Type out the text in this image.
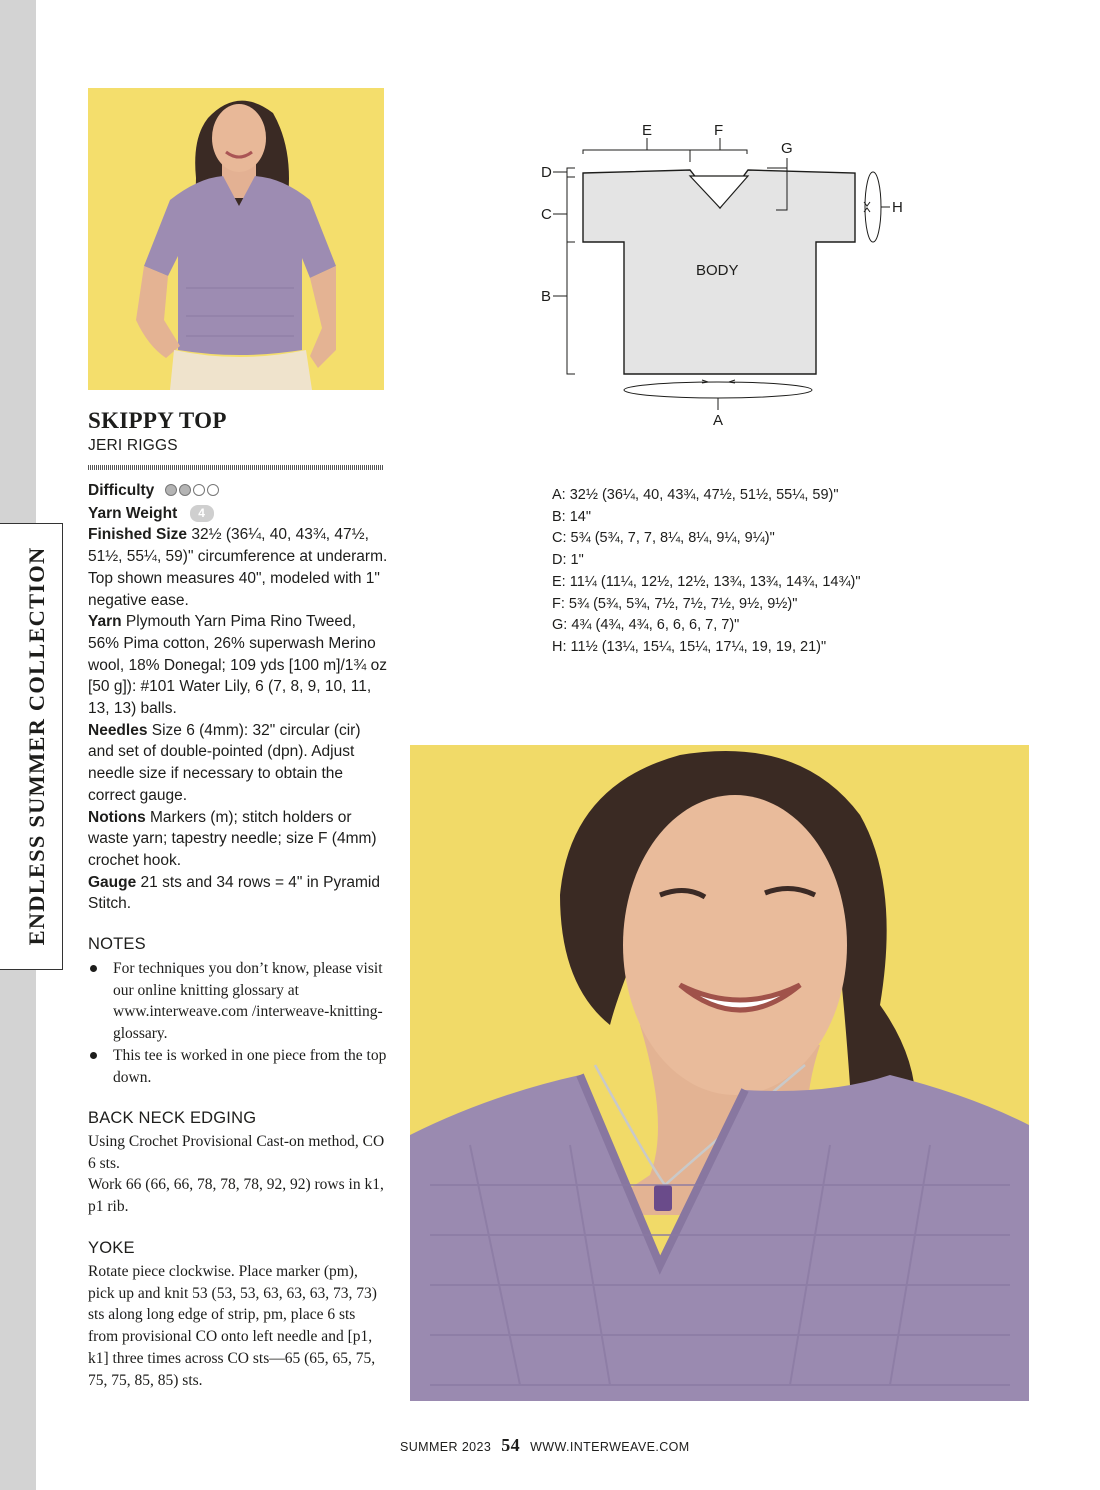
ENDLESS SUMMER COLLECTION
SKIPPY TOP
JERI RIGGS

Difficulty

Yarn Weight 4

Finished Size 32½ (36¼, 40, 43¾, 47½, 51½, 55¼, 59)" circumference at underarm. Top shown measures 40", modeled with 1" negative ease.

Yarn Plymouth Yarn Pima Rino Tweed, 56% Pima cotton, 26% superwash Merino wool, 18% Donegal; 109 yds [100 m]/1¾ oz [50 g]): #101 Water Lily, 6 (7, 8, 9, 10, 11, 13, 13) balls.

Needles Size 6 (4mm): 32" circular (cir) and set of double-pointed (dpn). Adjust needle size if necessary to obtain the correct gauge.

Notions Markers (m); stitch holders or waste yarn; tapestry needle; size F (4mm) crochet hook.

Gauge 21 sts and 34 rows = 4" in Pyramid Stitch.

NOTES
For techniques you don’t know, please visit our online knitting glossary at www.interweave.com /interweave-knitting-glossary.
This tee is worked in one piece from the top down.
BACK NECK EDGING

Using Crochet Provisional Cast-on method, CO 6 sts.

Work 66 (66, 66, 78, 78, 78, 92, 92) rows in k1, p1 rib.

YOKE

Rotate piece clockwise. Place marker (pm), pick up and knit 53 (53, 53, 63, 63, 63, 73, 73) sts along long edge of strip, pm, place 6 sts from provisional CO onto left needle and [p1, k1] three times across CO sts—65 (65, 65, 75, 75, 75, 85, 85) sts.

BODY
E	F
G
D
C
B
H
A
A: 32½ (36¼, 40, 43¾, 47½, 51½, 55¼, 59)"
B: 14"
C: 5¾ (5¾, 7, 7, 8¼, 8¼, 9¼, 9¼)"
D: 1"
E: 11¼ (11¼, 12½, 12½, 13¾, 13¾, 14¾, 14¾)"
F: 5¾ (5¾, 5¾, 7½, 7½, 7½, 9½, 9½)"
G: 4¾ (4¾, 4¾, 6, 6, 6, 7, 7)"
H: 11½ (13¼, 15¼, 15¼, 17¼, 19, 19, 21)"
SUMMER 2023 54 WWW.INTERWEAVE.COM
